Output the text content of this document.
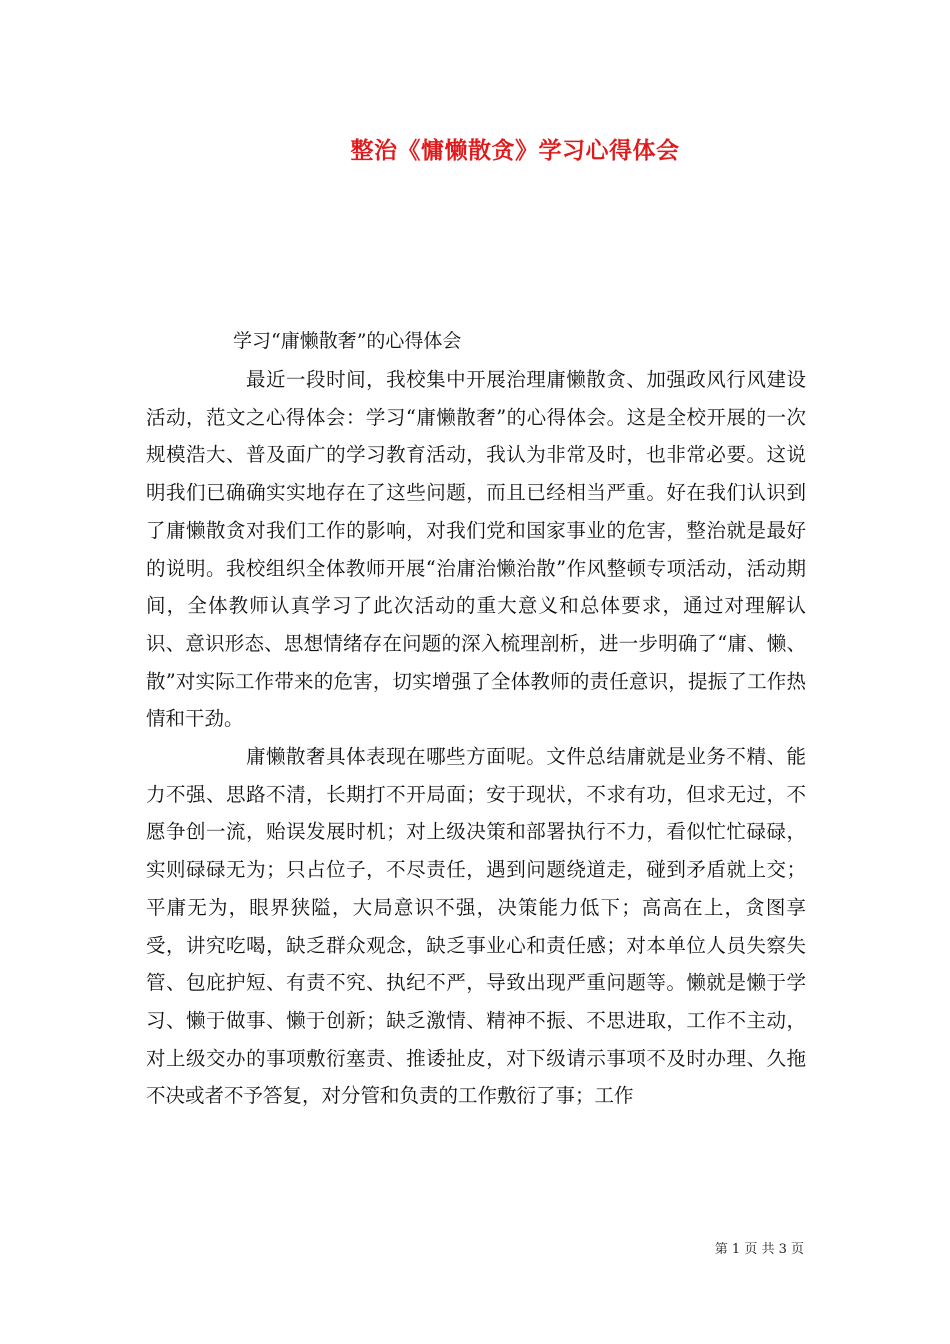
整治《慵懒散贪》学习心得体会
学习“庸懒散奢”的心得体会

最近一段时间，我校集中开展治理庸懒散贪、加强政风行风建设活动，范文之心得体会：学习“庸懒散奢”的心得体会。这是全校开展的一次规模浩大、普及面广的学习教育活动，我认为非常及时，也非常必要。这说明我们已确确实实地存在了这些问题，而且已经相当严重。好在我们认识到了庸懒散贪对我们工作的影响，对我们党和国家事业的危害，整治就是最好的说明。我校组织全体教师开展“治庸治懒治散”作风整顿专项活动，活动期间，全体教师认真学习了此次活动的重大意义和总体要求，通过对理解认识、意识形态、思想情绪存在问题的深入梳理剖析，进一步明确了“庸、懒、散”对实际工作带来的危害，切实增强了全体教师的责任意识，提振了工作热情和干劲。

庸懒散奢具体表现在哪些方面呢。文件总结庸就是业务不精、能力不强、思路不清，长期打不开局面；安于现状，不求有功，但求无过，不愿争创一流，贻误发展时机；对上级决策和部署执行不力，看似忙忙碌碌，实则碌碌无为；只占位子，不尽责任，遇到问题绕道走，碰到矛盾就上交；平庸无为，眼界狭隘，大局意识不强，决策能力低下；高高在上，贪图享受，讲究吃喝，缺乏群众观念，缺乏事业心和责任感；对本单位人员失察失管、包庇护短、有责不究、执纪不严，导致出现严重问题等。懒就是懒于学习、懒于做事、懒于创新；缺乏激情、精神不振、不思进取，工作不主动，对上级交办的事项敷衍塞责、推诿扯皮，对下级请示事项不及时办理、久拖不决或者不予答复，对分管和负责的工作敷衍了事；工作

第 1 页 共 3 页
